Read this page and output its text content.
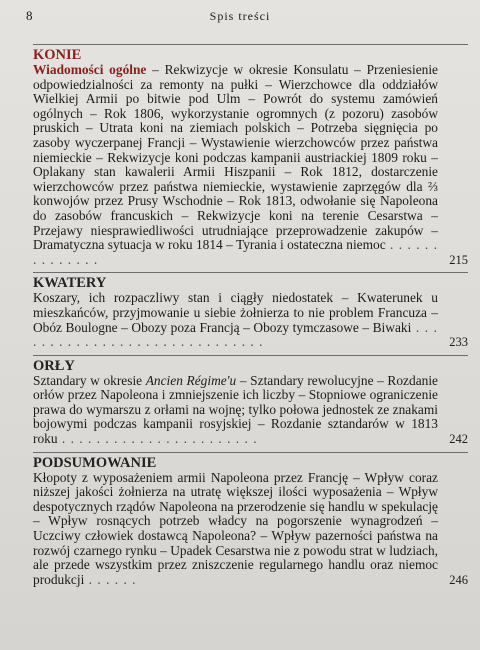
8	Spis treści
KONIE
Wiadomości ogólne – Rekwizycje w okresie Konsulatu – Przeniesienie odpowiedzialności za remonty na pułki – Wierzchowce dla oddziałów Wielkiej Armii po bitwie pod Ulm – Powrót do systemu zamówień ogólnych – Rok 1806, wykorzystanie ogromnych (z pozoru) zasobów pruskich – Utrata koni na ziemiach polskich – Potrzeba sięgnięcia po zasoby wyczerpanej Francji – Wystawienie wierzchowców przez państwa niemieckie – Rekwizycje koni podczas kampanii austriackiej 1809 roku – Oplakany stan kawalerii Armii Hiszpanii – Rok 1812, dostarczenie wierzchowców przez państwa niemieckie, wystawienie zaprzęgów dla ⅔ konwojów przez Prusy Wschodnie – Rok 1813, odwołanie się Napoleona do zasobów francuskich – Rekwizycje koni na terenie Cesarstwa – Przejawy niesprawiedliwości utrudniające przeprowadzenie zakupów – Dramatyczna sytuacja w roku 1814 – Tyrania i ostateczna niemoc . . . . . . . . . . . . . .	215
KWATERY
Koszary, ich rozpaczliwy stan i ciągły niedostatek – Kwaterunek u mieszkańców, przyjmowanie u siebie żołnierza to nie problem Francuza – Obóz Boulogne – Obozy poza Francją – Obozy tymczasowe – Biwaki . . . . . . . . . . . . . . . . . . . . . . . . . . . . . .	233
ORŁY
Sztandary w okresie Ancien Régime'u – Sztandary rewolucyjne – Rozdanie orłów przez Napoleona i zmniejszenie ich liczby – Stopniowe ograniczenie prawa do wymarszu z orłami na wojnę; tylko połowa jednostek ze znakami bojowymi podczas kampanii rosyjskiej – Rozdanie sztandarów w 1813 roku . . . . . . . . . . . . . . . . . . . . . . .	242
PODSUMOWANIE
Kłopoty z wyposażeniem armii Napoleona przez Francję – Wpływ coraz niższej jakości żołnierza na utratę większej ilości wyposażenia – Wpływ despotycznych rządów Napoleona na przerodzenie się handlu w spekulację – Wpływ rosnących potrzeb władcy na pogorszenie wynagrodzeń – Uczciwy człowiek dostawcą Napoleona? – Wpływ pazerności państwa na rozwój czarnego rynku – Upadek Cesarstwa nie z powodu strat w ludziach, ale przede wszystkim przez zniszczenie regularnego handlu oraz niemoc produkcji . . . . . .	246
